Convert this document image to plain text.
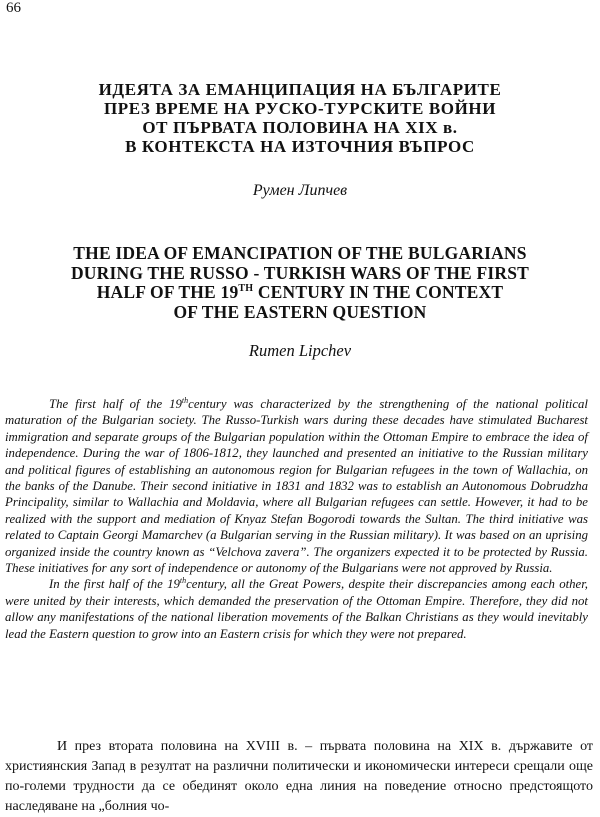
66
ИДЕЯТА ЗА ЕМАНЦИПАЦИЯ НА БЪЛГАРИТЕ
ПРЕЗ ВРЕМЕ НА РУСКО-ТУРСКИТЕ ВОЙНИ
ОТ ПЪРВАТА ПОЛОВИНА НА XIX в.
В КОНТЕКСТА НА ИЗТОЧНИЯ ВЪПРОС
Румен Липчев
THE IDEA OF EMANCIPATION OF THE BULGARIANS
DURING THE RUSSO - TURKISH WARS OF THE FIRST
HALF OF THE 19TH CENTURY IN THE CONTEXT
OF THE EASTERN QUESTION
Rumen Lipchev

The first half of the 19thcentury was characterized by the strengthening of the national political maturation of the Bulgarian society. The Russo-Turkish wars during these decades have stimulated Bucharest immigration and separate groups of the Bulgarian population within the Ottoman Empire to embrace the idea of independence. During the war of 1806-1812, they launched and presented an initiative to the Russian military and political figures of establishing an autonomous region for Bulgarian refugees in the town of Wallachia, on the banks of the Danube. Their second initiative in 1831 and 1832 was to establish an Autonomous Dobrudzha Principality, similar to Wallachia and Moldavia, where all Bulgarian refugees can settle. However, it had to be realized with the support and mediation of Knyaz Stefan Bogorodi towards the Sultan. The third initiative was related to Captain Georgi Mamarchev (a Bulgarian serving in the Russian military). It was based on an uprising organized inside the country known as “Velchova zavera”. The organizers expected it to be protected by Russia. These initiatives for any sort of independence or autonomy of the Bulgarians were not approved by Russia.

In the first half of the 19thcentury, all the Great Powers, despite their discrepancies among each other, were united by their interests, which demanded the preservation of the Ottoman Empire. Therefore, they did not allow any manifestations of the national liberation movements of the Balkan Christians as they would inevitably lead the Eastern question to grow into an Eastern crisis for which they were not prepared.

И през втората половина на XVIII в. – първата половина на XIX в. държавите от християнския Запад в резултат на различни политически и икономически интереси срещали още по-големи трудности да се обединят около една линия на поведение относно предстоящото наследяване на „болния чо-
